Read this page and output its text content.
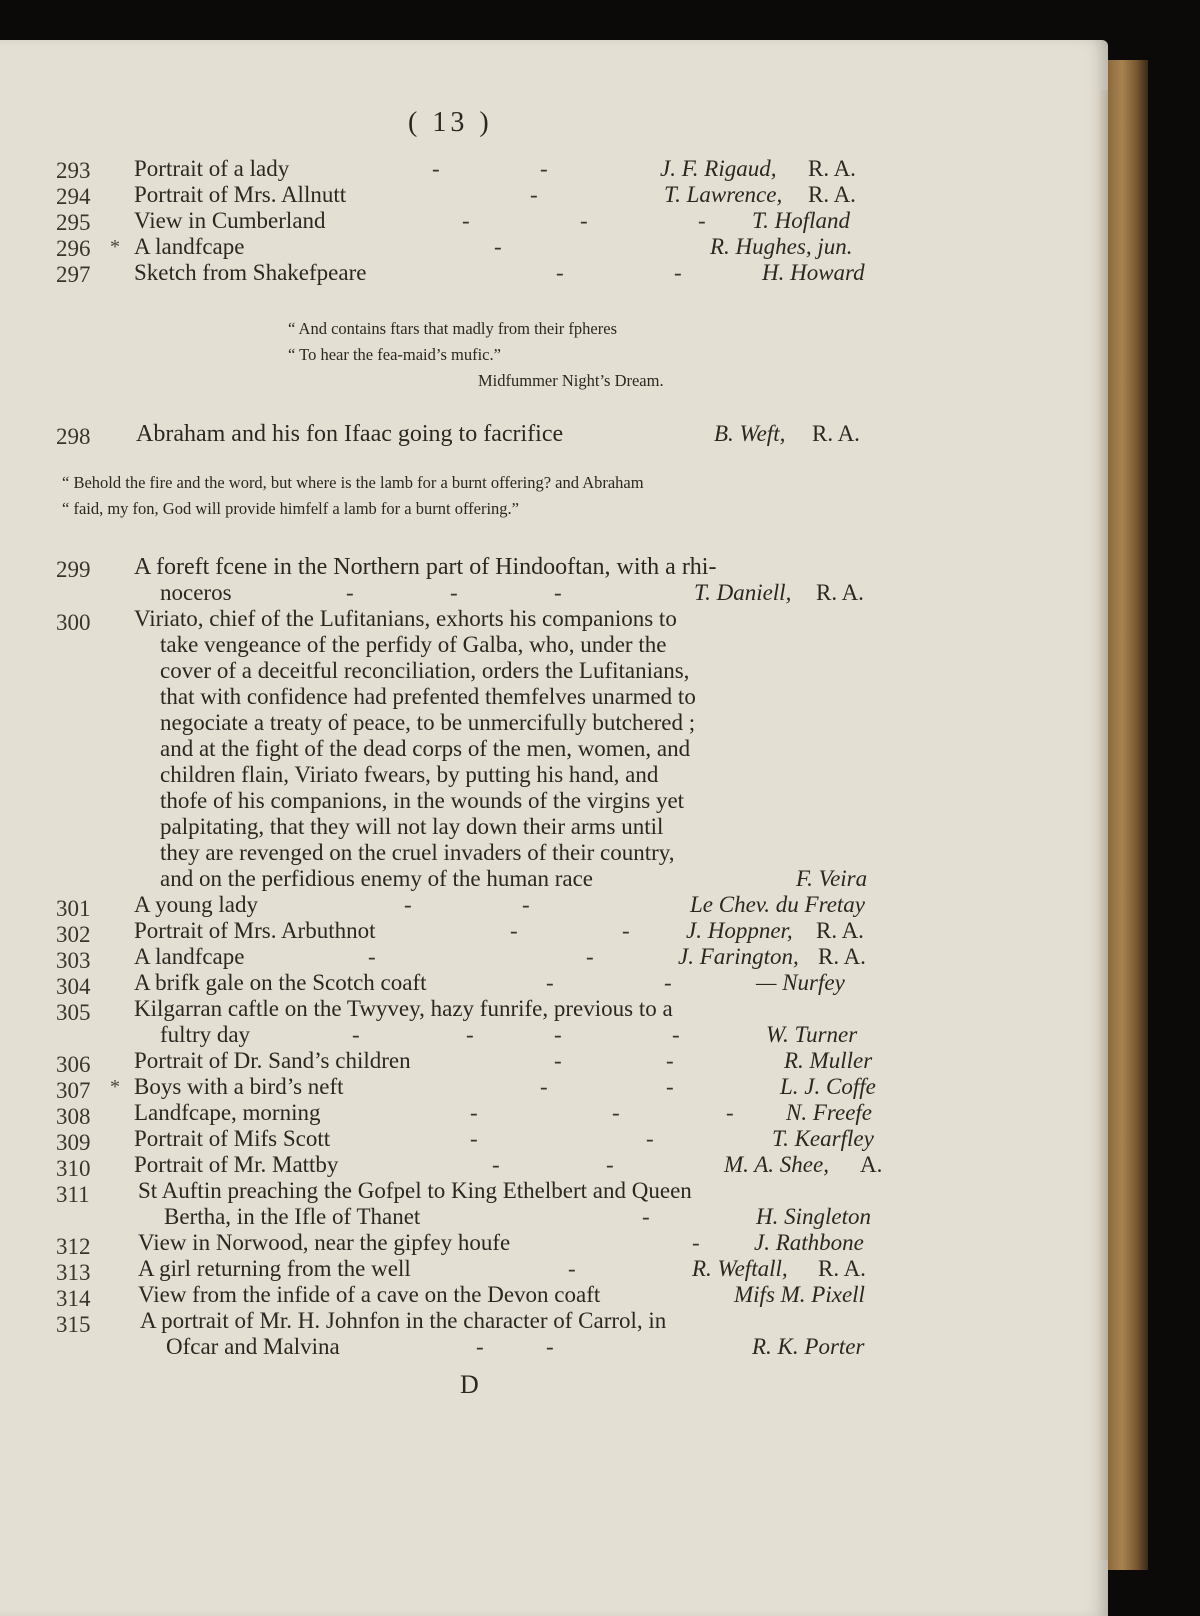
( 13 )
293 Portrait of a lady	-	-	J. F. Rigaud, R. A.
294 Portrait of Mrs. Allnutt	-	T. Lawrence, R. A.
295 View in Cumberland	-	-	- T. Hofland
296 * A landfcape	-	R. Hughes, jun.
297 Sketch from Shakefpeare	-	-	H. Howard
“ And contains ftars that madly from their fpheres
“ To hear the fea-maid’s mufic.”
Midfummer Night’s Dream.
298 Abraham and his fon Ifaac going to facrifice	B. Weft, R. A.
“ Behold the fire and the word, but where is the lamb for a burnt offering? and Abraham
“ faid, my fon, God will provide himfelf a lamb for a burnt offering.”
299 A foreft fcene in the Northern part of Hindooftan, with a rhi-
noceros	-	-	-	T. Daniell, R. A.
300 Viriato, chief of the Lufitanians, exhorts his companions to
take vengeance of the perfidy of Galba, who, under the
cover of a deceitful reconciliation, orders the Lufitanians,
that with confidence had prefented themfelves unarmed to
negociate a treaty of peace, to be unmercifully butchered ;
and at the fight of the dead corps of the men, women, and
children flain, Viriato fwears, by putting his hand, and
thofe of his companions, in the wounds of the virgins yet
palpitating, that they will not lay down their arms until
they are revenged on the cruel invaders of their country,
and on the perfidious enemy of the human race	F. Veira
301 A young lady	-	-	Le Chev. du Fretay
302 Portrait of Mrs. Arbuthnot	-	- J. Hoppner, R. A.
303 A landfcape	-	-	J. Farington, R. A.
304 A brifk gale on the Scotch coaft	-	-	— Nurfey
305 Kilgarran caftle on the Twyvey, hazy funrife, previous to a
fultry day	-	-	-	-	W. Turner
306 Portrait of Dr. Sand’s children	-	-	R. Muller
307 * Boys with a bird’s neft	-	-	L. J. Coffe
308 Landfcape, morning	-	-	- N. Freefe
309 Portrait of Mifs Scott	-	-	T. Kearfley
310 Portrait of Mr. Mattby	-	-	M. A. Shee, A.
311 St Auftin preaching the Gofpel to King Ethelbert and Queen
Bertha, in the Ifle of Thanet	-	H. Singleton
312 View in Norwood, near the gipfey houfe	- J. Rathbone
313 A girl returning from the well	-	R. Weftall, R. A.
314 View from the infide of a cave on the Devon coaft	Mifs M. Pixell
315 A portrait of Mr. H. Johnfon in the character of Carrol, in
Ofcar and Malvina	-	-	R. K. Porter
D
